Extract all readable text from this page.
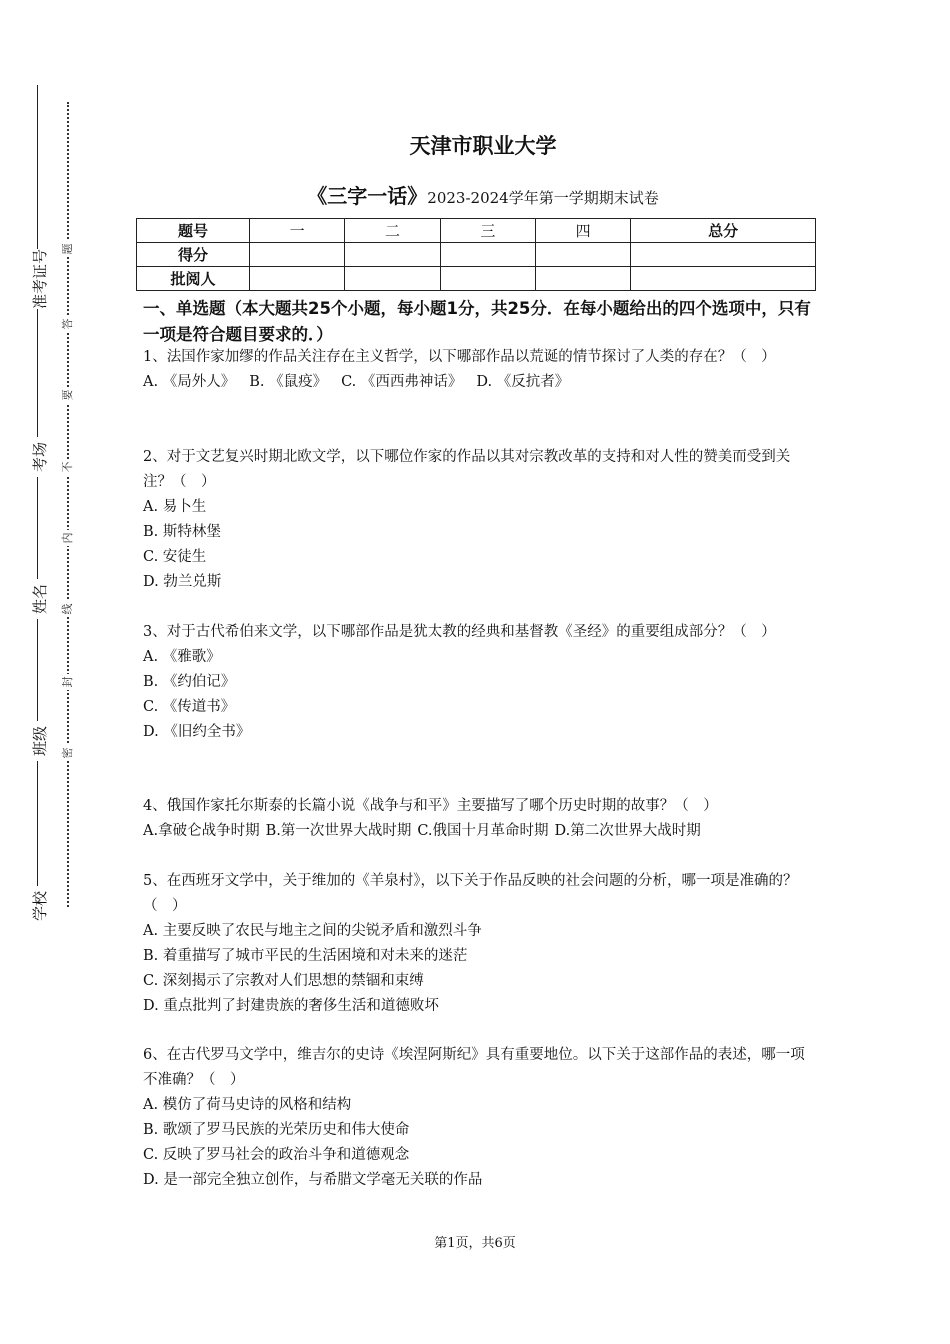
准考证号
考场
姓名
班级
学校
题
答
要
不
内
线
封
密
天津市职业大学
《三字一话》2023-2024学年第一学期期末试卷
题号	一	二	三	四	总分
得分					
批阅人					
一、单选题（本大题共25个小题，每小题1分，共25分．在每小题给出的四个选项中，只有一项是符合题目要求的．）
1、法国作家加缪的作品关注存在主义哲学，以下哪部作品以荒诞的情节探讨了人类的存在？（　）
A. 《局外人》 B. 《鼠疫》 C. 《西西弗神话》 D. 《反抗者》
2、对于文艺复兴时期北欧文学，以下哪位作家的作品以其对宗教改革的支持和对人性的赞美而受到关注？（　）
A. 易卜生
B. 斯特林堡
C. 安徒生
D. 勃兰兑斯
3、对于古代希伯来文学，以下哪部作品是犹太教的经典和基督教《圣经》的重要组成部分？（　）
A. 《雅歌》
B. 《约伯记》
C. 《传道书》
D. 《旧约全书》
4、俄国作家托尔斯泰的长篇小说《战争与和平》主要描写了哪个历史时期的故事？（　）
A.拿破仑战争时期 B.第一次世界大战时期 C.俄国十月革命时期 D.第二次世界大战时期
5、在西班牙文学中，关于维加的《羊泉村》，以下关于作品反映的社会问题的分析，哪一项是准确的？（　）
A. 主要反映了农民与地主之间的尖锐矛盾和激烈斗争
B. 着重描写了城市平民的生活困境和对未来的迷茫
C. 深刻揭示了宗教对人们思想的禁锢和束缚
D. 重点批判了封建贵族的奢侈生活和道德败坏
6、在古代罗马文学中，维吉尔的史诗《埃涅阿斯纪》具有重要地位。以下关于这部作品的表述，哪一项不准确？（　）
A. 模仿了荷马史诗的风格和结构
B. 歌颂了罗马民族的光荣历史和伟大使命
C. 反映了罗马社会的政治斗争和道德观念
D. 是一部完全独立创作，与希腊文学毫无关联的作品
第1页，共6页
